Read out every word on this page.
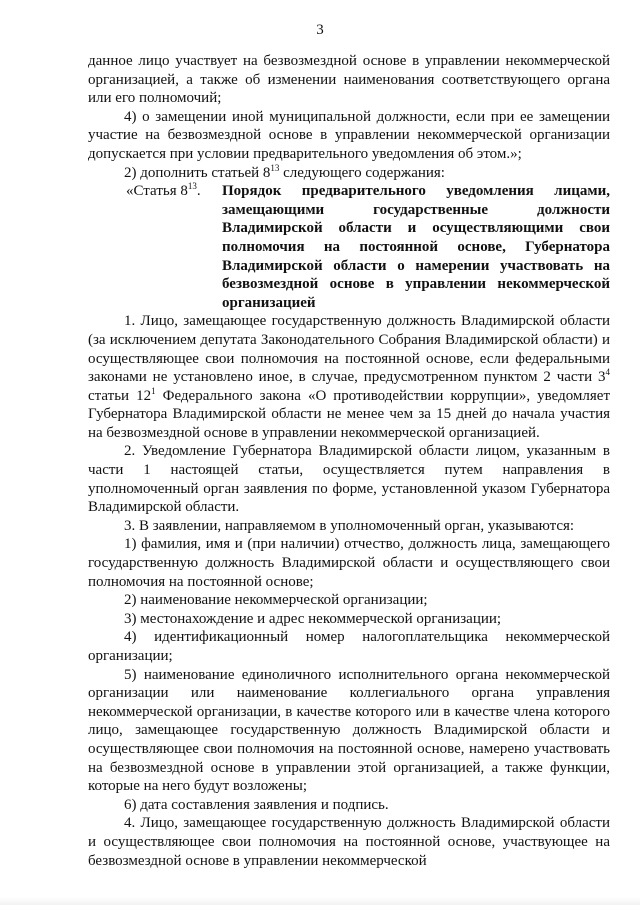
3

данное лицо участвует на безвозмездной основе в управлении некоммерческой организацией, а также об изменении наименования соответствующего органа или его полномочий;

4) о замещении иной муниципальной должности, если при ее замещении участие на безвозмездной основе в управлении некоммерческой организации допускается при условии предварительного уведомления об этом.»;

2) дополнить статьей $8^{13}$ следующего содержания:

«Статья $8^{13}$.	Порядок предварительного уведомления лицами, замещающими государственные должности Владимирской области и осуществляющими свои полномочия на постоянной основе, Губернатора Владимирской области о намерении участвовать на безвозмездной основе в управлении некоммерческой организацией

1. Лицо, замещающее государственную должность Владимирской области (за исключением депутата Законодательного Собрания Владимирской области) и осуществляющее свои полномочия на постоянной основе, если федеральными законами не установлено иное, в случае, предусмотренном пунктом 2 части $3^4$ статьи $12^1$ Федерального закона «О противодействии коррупции», уведомляет Губернатора Владимирской области не менее чем за 15 дней до начала участия на безвозмездной основе в управлении некоммерческой организацией.

2. Уведомление Губернатора Владимирской области лицом, указанным в части 1 настоящей статьи, осуществляется путем направления в уполномоченный орган заявления по форме, установленной указом Губернатора Владимирской области.

3. В заявлении, направляемом в уполномоченный орган, указываются:

1) фамилия, имя и (при наличии) отчество, должность лица, замещающего государственную должность Владимирской области и осуществляющего свои полномочия на постоянной основе;

2) наименование некоммерческой организации;

3) местонахождение и адрес некоммерческой организации;

4) идентификационный номер налогоплательщика некоммерческой организации;

5) наименование единоличного исполнительного органа некоммерческой организации или наименование коллегиального органа управления некоммерческой организации, в качестве которого или в качестве члена которого лицо, замещающее государственную должность Владимирской области и осуществляющее свои полномочия на постоянной основе, намерено участвовать на безвозмездной основе в управлении этой организацией, а также функции, которые на него будут возложены;

6) дата составления заявления и подпись.

4. Лицо, замещающее государственную должность Владимирской области и осуществляющее свои полномочия на постоянной основе, участвующее на безвозмездной основе в управлении некоммерческой
